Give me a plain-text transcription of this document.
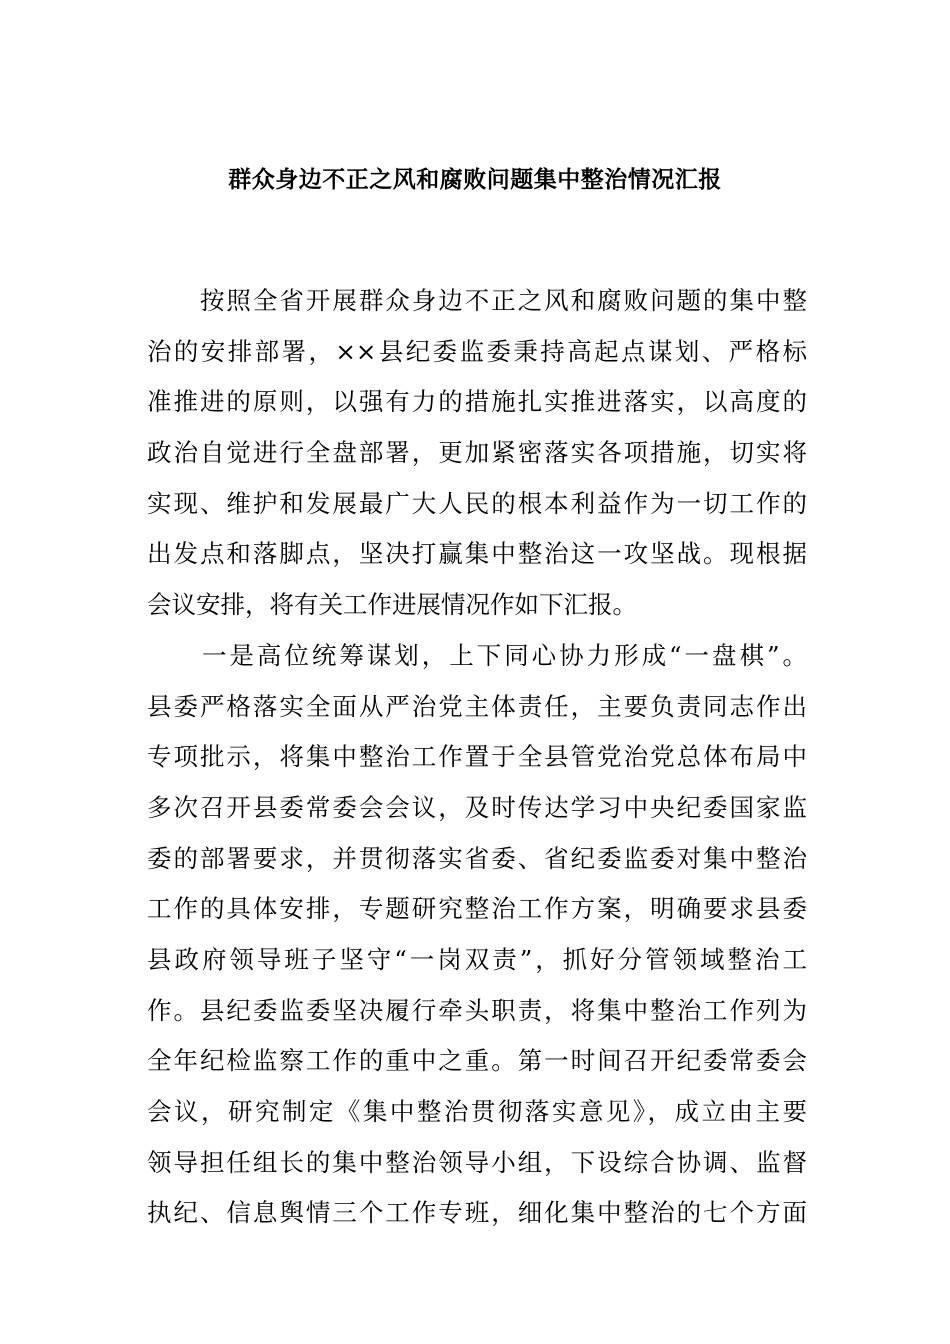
群众身边不正之风和腐败问题集中整治情况汇报
　　按照全省开展群众身边不正之风和腐败问题的集中整
治的安排部署，××县纪委监委秉持高起点谋划、严格标
准推进的原则，以强有力的措施扎实推进落实，以高度的
政治自觉进行全盘部署，更加紧密落实各项措施，切实将
实现、维护和发展最广大人民的根本利益作为一切工作的
出发点和落脚点，坚决打赢集中整治这一攻坚战。现根据
会议安排，将有关工作进展情况作如下汇报。
　　一是高位统筹谋划，上下同心协力形成“一盘棋”。
县委严格落实全面从严治党主体责任，主要负责同志作出
专项批示，将集中整治工作置于全县管党治党总体布局中
多次召开县委常委会会议，及时传达学习中央纪委国家监
委的部署要求，并贯彻落实省委、省纪委监委对集中整治
工作的具体安排，专题研究整治工作方案，明确要求县委
县政府领导班子坚守“一岗双责”，抓好分管领域整治工
作。县纪委监委坚决履行牵头职责，将集中整治工作列为
全年纪检监察工作的重中之重。第一时间召开纪委常委会
会议，研究制定《集中整治贯彻落实意见》，成立由主要
领导担任组长的集中整治领导小组，下设综合协调、监督
执纪、信息舆情三个工作专班，细化集中整治的七个方面
